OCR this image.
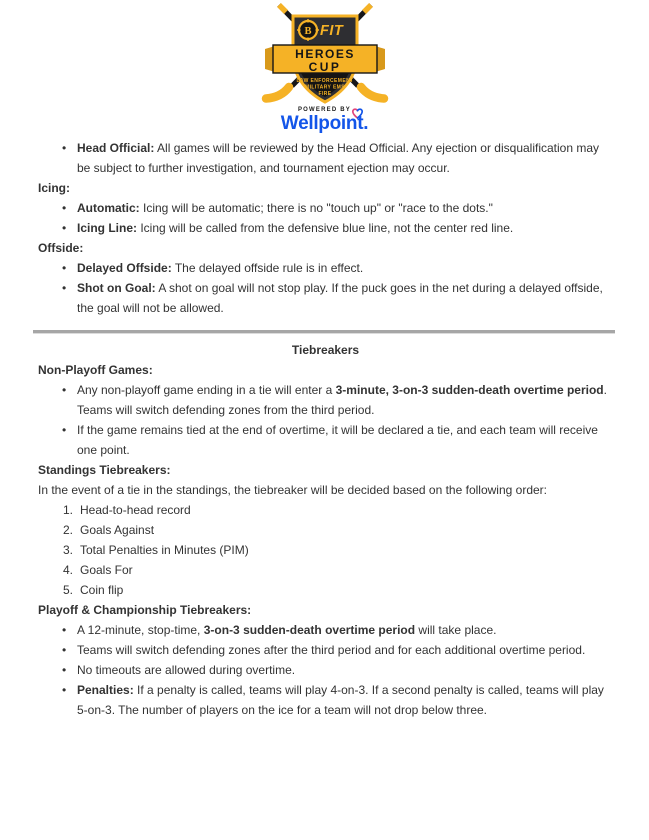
B FIT
HEROES
CUP
LAW ENFORCEMENT
MILITARY EMS
FIRE
POWERED BY
Wellpoint.
• Head Official: All games will be reviewed by the Head Official. Any ejection or disqualification may be subject to further investigation, and tournament ejection may occur.
Icing:
• Automatic: Icing will be automatic; there is no "touch up" or "race to the dots."
• Icing Line: Icing will be called from the defensive blue line, not the center red line.
Offside:
• Delayed Offside: The delayed offside rule is in effect.
• Shot on Goal: A shot on goal will not stop play. If the puck goes in the net during a delayed offside, the goal will not be allowed.
Tiebreakers
Non-Playoff Games:
• Any non-playoff game ending in a tie will enter a 3-minute, 3-on-3 sudden-death overtime period. Teams will switch defending zones from the third period.
• If the game remains tied at the end of overtime, it will be declared a tie, and each team will receive one point.
Standings Tiebreakers:
In the event of a tie in the standings, the tiebreaker will be decided based on the following order:
1. Head-to-head record
2. Goals Against
3. Total Penalties in Minutes (PIM)
4. Goals For
5. Coin flip
Playoff & Championship Tiebreakers:
• A 12-minute, stop-time, 3-on-3 sudden-death overtime period will take place.
• Teams will switch defending zones after the third period and for each additional overtime period.
• No timeouts are allowed during overtime.
• Penalties: If a penalty is called, teams will play 4-on-3. If a second penalty is called, teams will play 5-on-3. The number of players on the ice for a team will not drop below three.
